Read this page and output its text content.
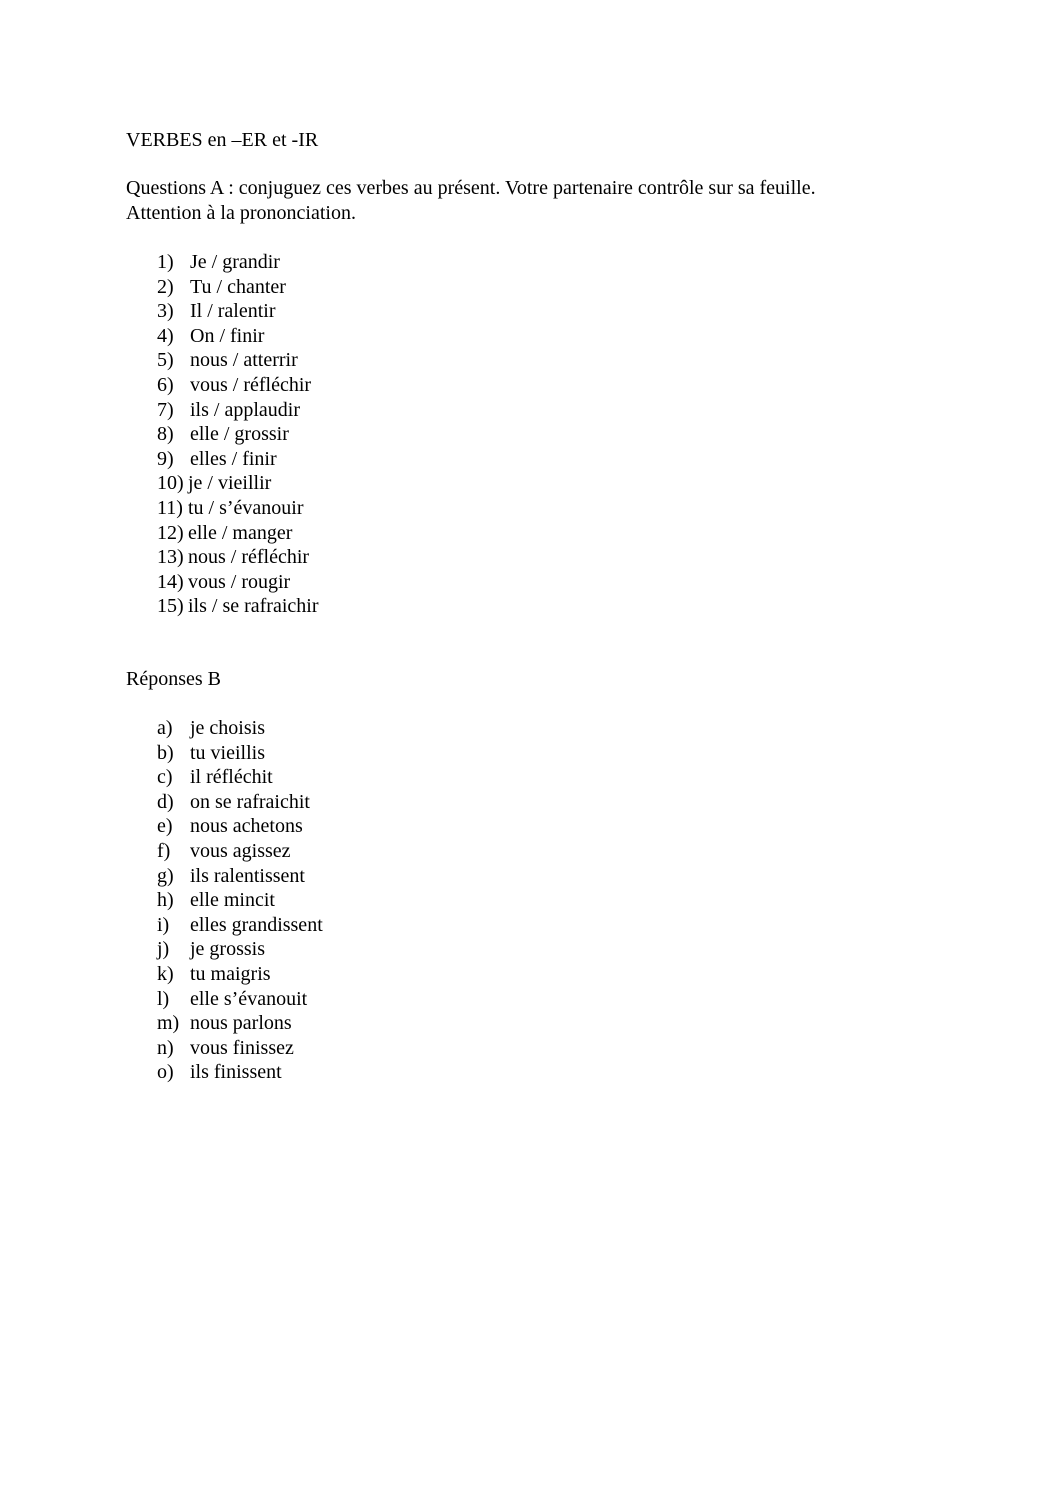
VERBES en –ER et -IR
Questions A : conjuguez ces verbes au présent. Votre partenaire contrôle sur sa feuille.
Attention à la prononciation.
1) Je / grandir
2) Tu / chanter
3) Il / ralentir
4) On / finir
5) nous / atterrir
6) vous / réfléchir
7) ils / applaudir
8) elle / grossir
9) elles / finir
10) je / vieillir
11) tu / s’évanouir
12) elle / manger
13) nous / réfléchir
14) vous / rougir
15) ils / se rafraichir
Réponses B
a) je choisis
b) tu vieillis
c) il réfléchit
d) on se rafraichit
e) nous achetons
f) vous agissez
g) ils ralentissent
h) elle mincit
i) elles grandissent
j) je grossis
k) tu maigris
l) elle s’évanouit
m) nous parlons
n) vous finissez
o) ils finissent
